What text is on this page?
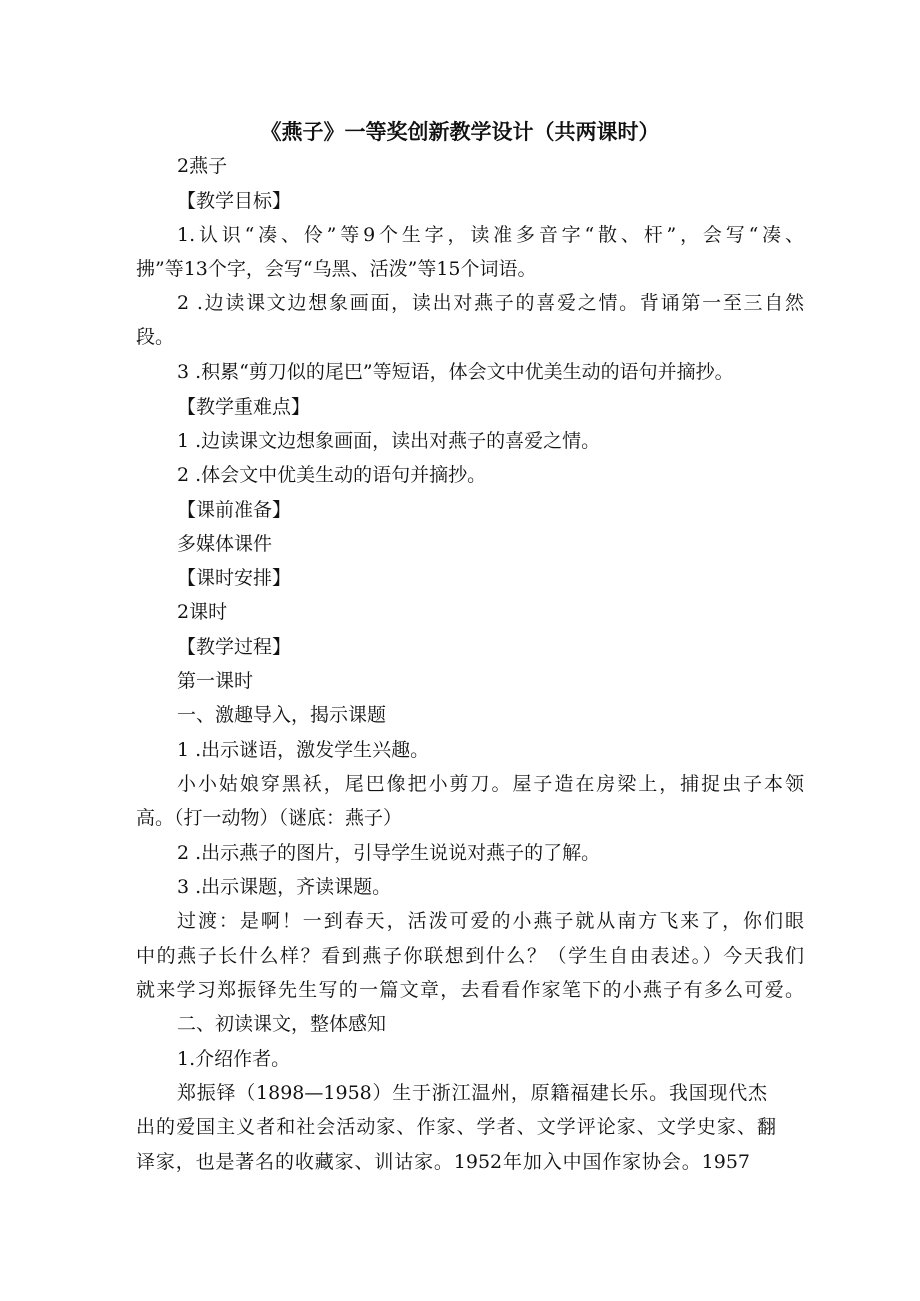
《燕子》一等奖创新教学设计（共两课时）
2燕子
【教学目标】
1.认识“凑、伶”等9个生字，读准多音字“散、杆”，会写“凑、
拂”等13个字，会写“乌黑、活泼”等15个词语。
2 .边读课文边想象画面，读出对燕子的喜爱之情。背诵第一至三自然
段。
3 .积累“剪刀似的尾巴”等短语，体会文中优美生动的语句并摘抄。
【教学重难点】
1 .边读课文边想象画面，读出对燕子的喜爱之情。
2 .体会文中优美生动的语句并摘抄。
【课前准备】
多媒体课件
【课时安排】
2课时
【教学过程】
第一课时
一、激趣导入，揭示课题
1 .出示谜语，激发学生兴趣。
小小姑娘穿黑袄，尾巴像把小剪刀。屋子造在房梁上，捕捉虫子本领
高。（打一动物）（谜底：燕子）
2 .出示燕子的图片，引导学生说说对燕子的了解。
3 .出示课题，齐读课题。
过渡：是啊！一到春天，活泼可爱的小燕子就从南方飞来了，你们眼
中的燕子长什么样？看到燕子你联想到什么？（学生自由表述。）今天我们
就来学习郑振铎先生写的一篇文章，去看看作家笔下的小燕子有多么可爱。
二、初读课文，整体感知
1.介绍作者。
郑振铎（1898—1958）生于浙江温州，原籍福建长乐。我国现代杰
出的爱国主义者和社会活动家、作家、学者、文学评论家、文学史家、翻
译家，也是著名的收藏家、训诂家。1952年加入中国作家协会。1957
